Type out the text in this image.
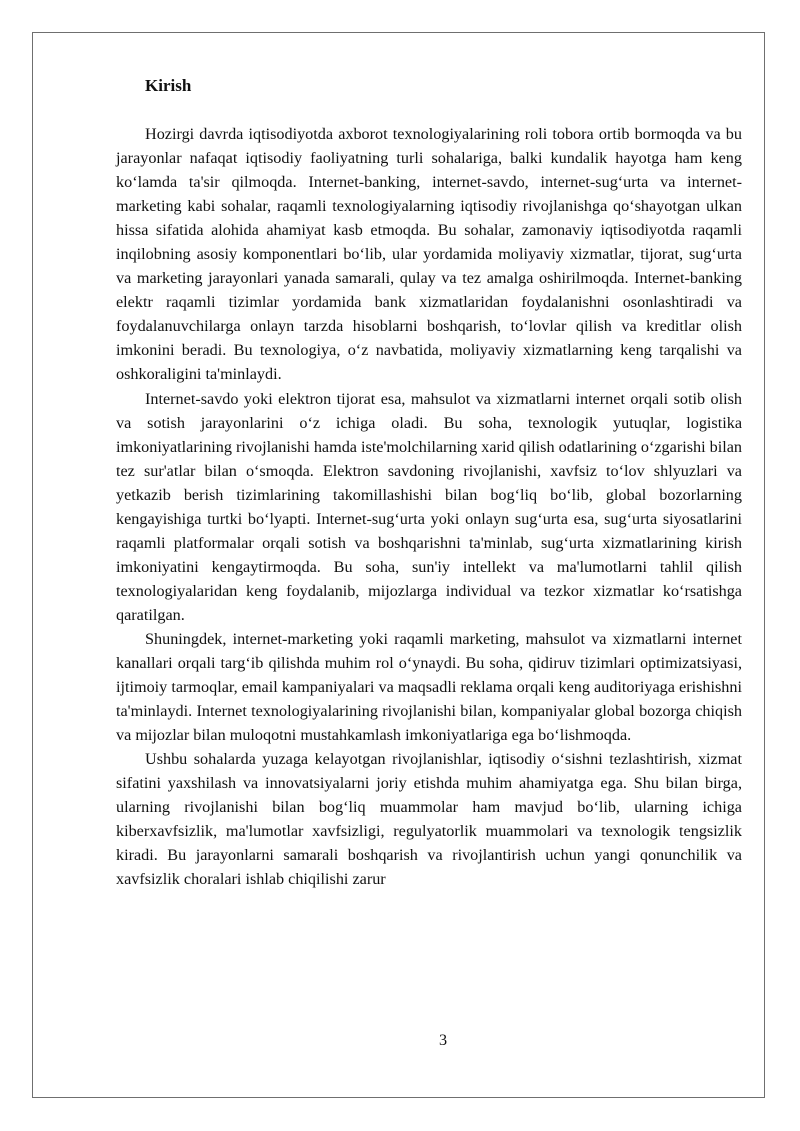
Kirish

Hozirgi davrda iqtisodiyotda axborot texnologiyalarining roli tobora ortib bormoqda va bu jarayonlar nafaqat iqtisodiy faoliyatning turli sohalariga, balki kundalik hayotga ham keng ko‘lamda ta'sir qilmoqda. Internet-banking, internet-savdo, internet-sug‘urta va internet-marketing kabi sohalar, raqamli texnologiyalarning iqtisodiy rivojlanishga qo‘shayotgan ulkan hissa sifatida alohida ahamiyat kasb etmoqda. Bu sohalar, zamonaviy iqtisodiyotda raqamli inqilobning asosiy komponentlari bo‘lib, ular yordamida moliyaviy xizmatlar, tijorat, sug‘urta va marketing jarayonlari yanada samarali, qulay va tez amalga oshirilmoqda. Internet-banking elektr raqamli tizimlar yordamida bank xizmatlaridan foydalanishni osonlashtiradi va foydalanuvchilarga onlayn tarzda hisoblarni boshqarish, to‘lovlar qilish va kreditlar olish imkonini beradi. Bu texnologiya, o‘z navbatida, moliyaviy xizmatlarning keng tarqalishi va oshkoraligini ta'minlaydi.

Internet-savdo yoki elektron tijorat esa, mahsulot va xizmatlarni internet orqali sotib olish va sotish jarayonlarini o‘z ichiga oladi. Bu soha, texnologik yutuqlar, logistika imkoniyatlarining rivojlanishi hamda iste'molchilarning xarid qilish odatlarining o‘zgarishi bilan tez sur'atlar bilan o‘smoqda. Elektron savdoning rivojlanishi, xavfsiz to‘lov shlyuzlari va yetkazib berish tizimlarining takomillashishi bilan bog‘liq bo‘lib, global bozorlarning kengayishiga turtki bo‘lyapti. Internet-sug‘urta yoki onlayn sug‘urta esa, sug‘urta siyosatlarini raqamli platformalar orqali sotish va boshqarishni ta'minlab, sug‘urta xizmatlarining kirish imkoniyatini kengaytirmoqda. Bu soha, sun'iy intellekt va ma'lumotlarni tahlil qilish texnologiyalaridan keng foydalanib, mijozlarga individual va tezkor xizmatlar ko‘rsatishga qaratilgan.

Shuningdek, internet-marketing yoki raqamli marketing, mahsulot va xizmatlarni internet kanallari orqali targ‘ib qilishda muhim rol o‘ynaydi. Bu soha, qidiruv tizimlari optimizatsiyasi, ijtimoiy tarmoqlar, email kampaniyalari va maqsadli reklama orqali keng auditoriyaga erishishni ta'minlaydi. Internet texnologiyalarining rivojlanishi bilan, kompaniyalar global bozorga chiqish va mijozlar bilan muloqotni mustahkamlash imkoniyatlariga ega bo‘lishmoqda.

Ushbu sohalarda yuzaga kelayotgan rivojlanishlar, iqtisodiy o‘sishni tezlashtirish, xizmat sifatini yaxshilash va innovatsiyalarni joriy etishda muhim ahamiyatga ega. Shu bilan birga, ularning rivojlanishi bilan bog‘liq muammolar ham mavjud bo‘lib, ularning ichiga kiberxavfsizlik, ma'lumotlar xavfsizligi, regulyatorlik muammolari va texnologik tengsizlik kiradi. Bu jarayonlarni samarali boshqarish va rivojlantirish uchun yangi qonunchilik va xavfsizlik choralari ishlab chiqilishi zarur

3
